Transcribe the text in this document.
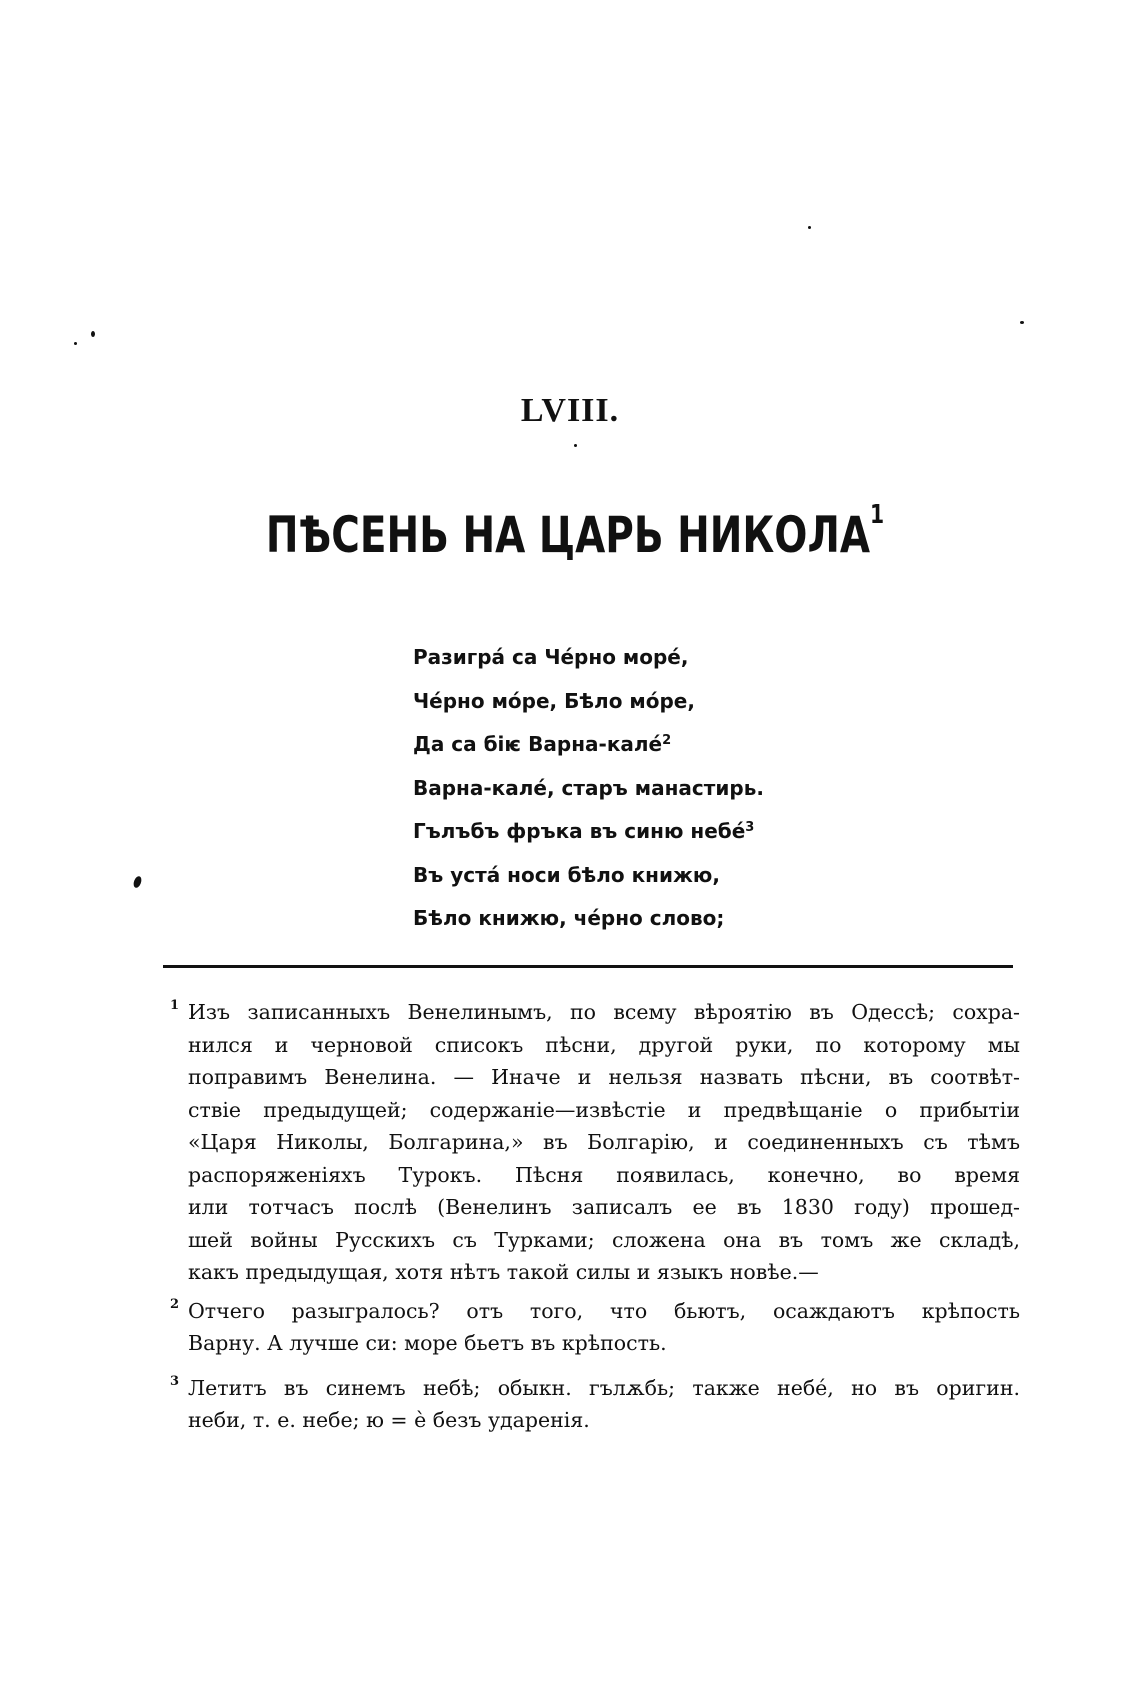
LVIII.
ПѢСЕНЬ НА ЦАРЬ НИКОЛА$^1$
Разигрá са Чéрно морé,
Чéрно мóре, Бѣло мóре,
Да са біѥ Варна-калé$^2$
Варна-калé, старъ манастирь.
Гълъбъ фръка въ синю небé$^3$
Въ устá носи бѣло книжю,
Бѣло книжю, чéрно слово;
1 Изъ записанныхъ Венелинымъ, по всему вѣроятію въ Одессѣ; сохра-
нился и черновой списокъ пѣсни, другой руки, по которому мы
поправимъ Венелина. — Иначе и нельзя назвать пѣсни, въ соотвѣт-
ствіе предыдущей; содержаніе—извѣстіе и предвѣщаніе о прибытіи
«Царя Николы, Болгарина,» въ Болгарію, и соединенныхъ съ тѣмъ
распоряженіяхъ Турокъ. Пѣсня появилась, конечно, во время
или тотчасъ послѣ (Венелинъ записалъ ее въ 1830 году) прошед-
шей войны Русскихъ съ Турками; сложена она въ томъ же складѣ,
какъ предыдущая, хотя нѣтъ такой силы и языкъ новѣе.—
2 Отчего разыгралось? отъ того, что бьютъ, осаждаютъ крѣпость
Варну. А лучше си: море бьетъ въ крѣпость.
3 Летитъ въ синемъ небѣ; обыкн. гълѫбь; также небé, но въ оригин.
неби, т. е. небе; ю = ѐ безъ ударенія.
